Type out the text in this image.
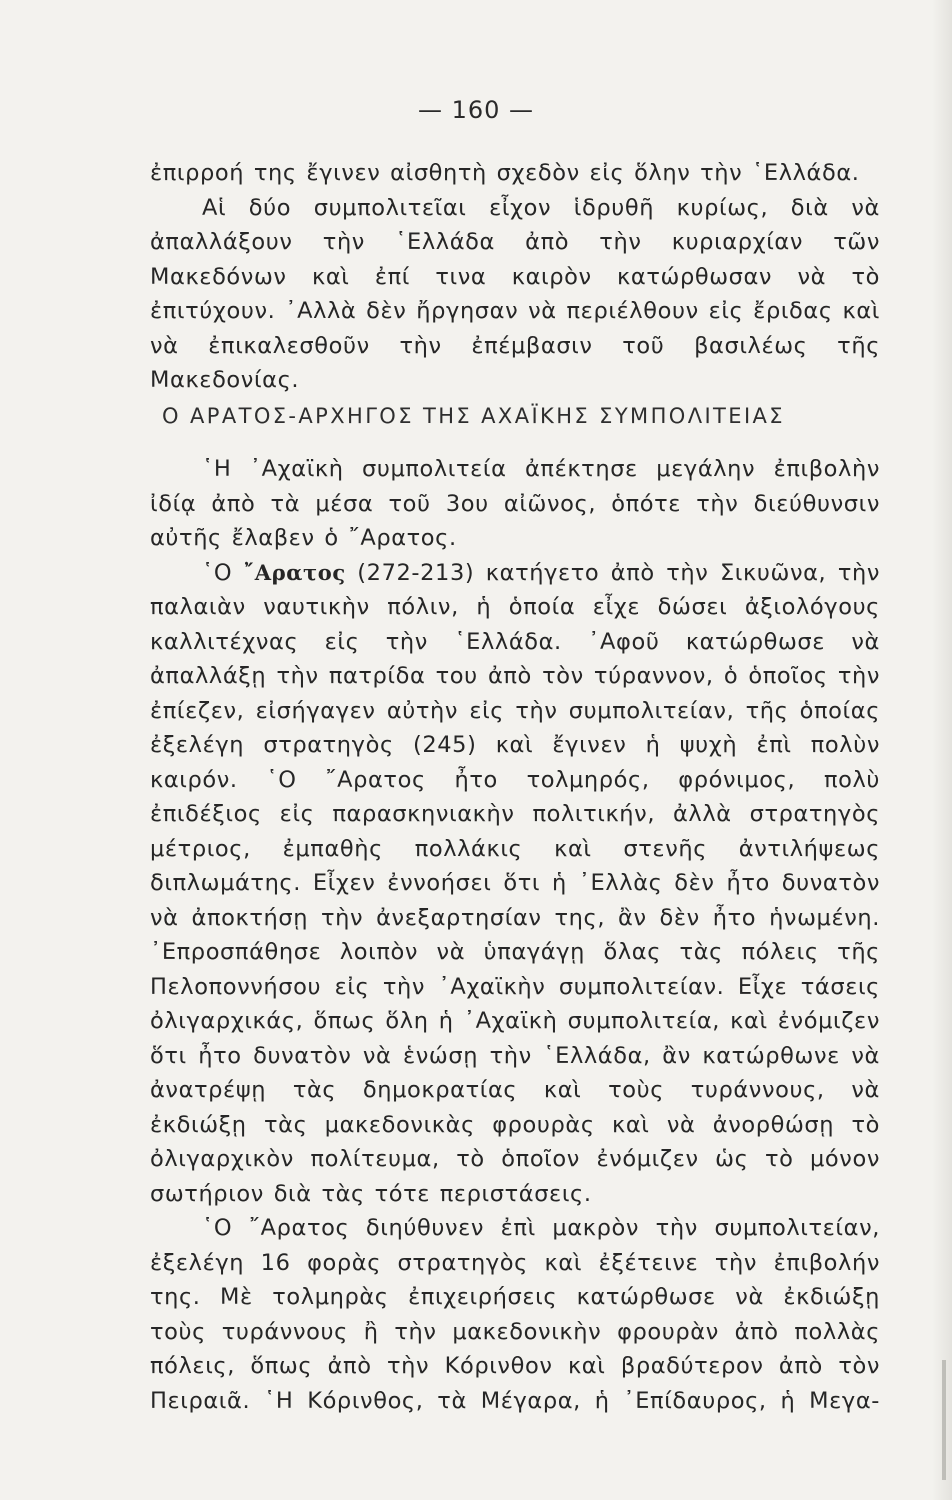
— 160 —

ἐπιρροή της ἔγινεν αἰσθητὴ σχεδὸν εἰς ὅλην τὴν ῾Ελλάδα.

Αἱ δύο συμπολιτεῖαι εἶχον ἱδρυθῆ κυρίως, διὰ νὰ ἀπαλλάξουν τὴν ῾Ελλάδα ἀπὸ τὴν κυριαρχίαν τῶν Μακεδόνων καὶ ἐπί τινα καιρὸν κατώρθωσαν νὰ τὸ ἐπιτύχουν. ᾿Αλλὰ δὲν ἤργησαν νὰ περιέλθουν εἰς ἔριδας καὶ νὰ ἐπικαλεσθοῦν τὴν ἐπέμβασιν τοῦ βασιλέως τῆς Μακεδονίας.

Ο ΑΡΑΤΟΣ-ΑΡΧΗΓΟΣ ΤΗΣ ΑΧΑΪΚΗΣ ΣΥΜΠΟΛΙΤΕΙΑΣ

῾Η ᾿Αχαϊκὴ συμπολιτεία ἀπέκτησε μεγάλην ἐπιβολὴν ἰδίᾳ ἀπὸ τὰ μέσα τοῦ 3ου αἰῶνος, ὁπότε τὴν διεύθυνσιν αὐτῆς ἔλαβεν ὁ ῎Αρατος.

῾Ο ῎Αρατος (272-213) κατήγετο ἀπὸ τὴν Σικυῶνα, τὴν παλαιὰν ναυτικὴν πόλιν, ἡ ὁποία εἶχε δώσει ἀξιολόγους καλλιτέχνας εἰς τὴν ῾Ελλάδα. ᾿Αφοῦ κατώρθωσε νὰ ἀπαλλάξῃ τὴν πατρίδα του ἀπὸ τὸν τύραννον, ὁ ὁποῖος τὴν ἐπίεζεν, εἰσήγαγεν αὐτὴν εἰς τὴν συμπολιτείαν, τῆς ὁποίας ἐξελέγη στρατηγὸς (245) καὶ ἔγινεν ἡ ψυχὴ ἐπὶ πολὺν καιρόν. ῾Ο ῎Αρατος ἦτο τολμηρός, φρόνιμος, πολὺ ἐπιδέξιος εἰς παρασκηνιακὴν πολιτικήν, ἀλλὰ στρατηγὸς μέτριος, ἐμπαθὴς πολλάκις καὶ στενῆς ἀντιλήψεως διπλωμάτης. Εἶχεν ἐννοήσει ὅτι ἡ ᾿Ελλὰς δὲν ἦτο δυνατὸν νὰ ἀποκτήσῃ τὴν ἀνεξαρτησίαν της, ἂν δὲν ἦτο ἡνωμένη. ᾿Επροσπάθησε λοιπὸν νὰ ὑπαγάγῃ ὅλας τὰς πόλεις τῆς Πελοποννήσου εἰς τὴν ᾿Αχαϊκὴν συμπολιτείαν. Εἶχε τάσεις ὀλιγαρχικάς, ὅπως ὅλη ἡ ᾿Αχαϊκὴ συμπολιτεία, καὶ ἐνόμιζεν ὅτι ἦτο δυνατὸν νὰ ἑνώσῃ τὴν ῾Ελλάδα, ἂν κατώρθωνε νὰ ἀνατρέψῃ τὰς δημοκρατίας καὶ τοὺς τυράννους, νὰ ἐκδιώξῃ τὰς μακεδονικὰς φρουρὰς καὶ νὰ ἀνορθώσῃ τὸ ὀλιγαρχικὸν πολίτευμα, τὸ ὁποῖον ἐνόμιζεν ὡς τὸ μόνον σωτήριον διὰ τὰς τότε περιστάσεις.

῾Ο ῎Αρατος διηύθυνεν ἐπὶ μακρὸν τὴν συμπολιτείαν, ἐξελέγη 16 φορὰς στρατηγὸς καὶ ἐξέτεινε τὴν ἐπιβολήν της. Μὲ τολμηρὰς ἐπιχειρήσεις κατώρθωσε νὰ ἐκδιώξῃ τοὺς τυράννους ἢ τὴν μακεδονικὴν φρουρὰν ἀπὸ πολλὰς πόλεις, ὅπως ἀπὸ τὴν Κόρινθον καὶ βραδύτερον ἀπὸ τὸν Πειραιᾶ. ῾Η Κόρινθος, τὰ Μέγαρα, ἡ ᾿Επίδαυρος, ἡ Μεγα-
